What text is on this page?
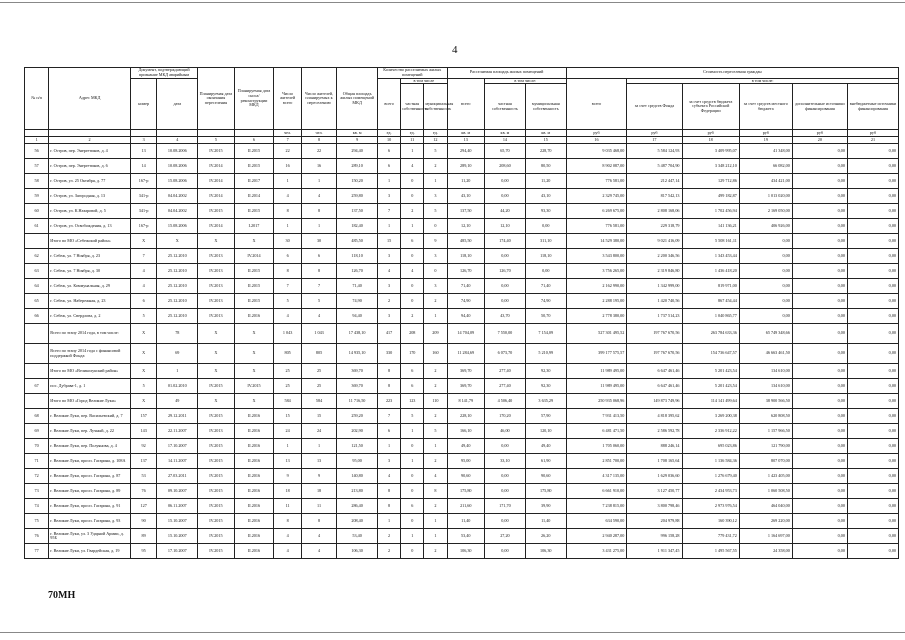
4
№ п/п	Адрес МКД	Документ, подтверждающий признание МКД аварийным		Планируемая дата окончания переселения	Планируемая дата сноса/ реконструкции МКД	Число жителей всего	Число жителей, планируемых к переселению	Общая площадь жилых помещений МКД	Количество расселяемых жилых помещений			Расселяемая площадь жилых помещений			Стоимость переселения граждан					
		номер	дата						всего	в том числе		всего	в том числе:		всего	в том числе:				
										частная собственность	муниципальная собственность		частная собственность	муниципальная собственность		за счет средств Фонда	за счет средств бюджета субъекта Российской Федерации	за счет средств местного бюджета	дополнительные источники финансирования	внебюджетные источники финансирования
						чел.	чел.	кв. м	ед.	ед.	ед.	кв. м	кв. м	кв. м	руб	руб	руб	руб	руб	руб
1	2	3	4	5	6	7	8	9	10	11	12	13	14	15	16	17	18	19	20	21
56	г. Остров, пер. Энергетиков, д. 4	13	10.08.2006	IV.2015	II.2015	22	22	294,40	6	1	5	294,40	65,70	228,70	9 035 468,00	5 584 124,93	3 409 995,07	41 348,00	0,00	0,00
57	г. Остров, пер. Энергетиков, д. 6	14	10.08.2006	IV.2014	II.2015	16	16	289,10	6	4	2	289,10	208,60	80,50	8 902 087,00	5 487 704,90	3 348 212,10	66 082,00	0,00	0,00
58	г. Остров, ул. 25 Октября, д. 77	167-р	15.08.2006	IV.2014	II.2017	1	1	150,20	1	0	1	11,20	0,00	11,20	776 581,00	212 447,14	129 712,86	434 421,00	0,00	0,00
59	г. Остров, ул. Загородная, д. 13	341-р	04.04.2002	IV.2014	II.2014	4	4	259,80	3	0	3	43,10	0,00	43,10	2 329 745,00	817 542,13	499 182,87	1 013 020,00	0,00	0,00
60	г. Остров, ул. К.Назаровой, д. 5	341-р	04.04.2002	IV.2015	II.2015	8	8	137,50	7	2	5	137,50	44,20	93,30	6 269 675,00	2 808 168,06	1 702 456,94	2 169 050,00	0,00	0,00
61	г. Остров, ул. Освобождения, д. 13	167-р	15.08.2006	IV.2014	I.2017	1	1	182,40	1	1	0	12,10	12,10	0,00	776 581,00	229 318,79	141 136,21	406 926,00	0,00	0,00
	Итого по МО «Себежский район»	X	X	X	X	30	30	485,50	15	6	9	485,50	174,40	311,10	14 529 380,00	9 021 416,09	5 508 161,11	0,00	0,00	0,00
62	г. Себеж, ул. 7 Ноября, д. 23	7	25.12.2010	IV.2013	IV.2014	6	6	118,10	3	0	3	118,10	0,00	118,10	3 543 800,00	2 200 346,56	1 343 453,44	0,00	0,00	0,00
63	г. Себеж, ул. 7 Ноября, д. 30	4	25.12.2010	IV.2013	II.2015	8	8	126,70	4	4	0	126,70	126,70	0,00	3 756 265,00	2 319 846,80	1 436 418,20	0,00	0,00	0,00
64	г. Себеж, ул. Коммунальная, д. 29	4	25.12.2010	IV.2013	II.2015	7	7	71,40	3	0	3	71,40	0,00	71,40	2 162 990,00	1 342 999,00	819 971,00	0,00	0,00	0,00
65	г. Себеж, ул. Набережная, д. 23	6	25.12.2010	IV.2013	II.2015	5	5	74,90	2	0	2	74,90	0,00	74,90	2 288 195,00	1 420 740,56	867 454,44	0,00	0,00	0,00
66	г. Себеж, ул. Свердлова, д. 2	5	25.12.2010	IV.2013	II.2016	4	4	94,40	3	2	1	94,40	43,70	50,70	2 778 380,00	1 737 514,23	1 040 865,77	0,00	0,00	0,00
	Всего по этапу 2014 года, в том числе:	X	78	X	X	1 043	1 043	17 438,10	417	208	209	14 704,09	7 550,00	7 154,09	527 301 495,52	197 767 670,56	263 784 633,36	65 749 348,66	0,00	0,00
	Всего по этапу 2014 года с финансовой поддержкой Фонда	X	69	X	X	805	805	14 935,10	330	170	160	11 284,69	6 073,70	5 210,99	399 177 575,57	197 767 670,56	154 736 647,57	46 663 461,50	0,00	0,00
	Итого по МО «Великолукский район»	X	1	X	X	25	25	369,70	8	6	2	369,70	277,40	92,30	11 989 495,00	6 647 461,46	5 201 423,54	134 610,00	0,00	0,00
67	пос. Дубрава-1, д. 1	5	01.02.2010	IV.2015	IV.2015	25	25	369,70	8	6	2	369,70	277,40	92,30	11 989 495,00	6 647 461,46	5 201 423,54	134 610,00	0,00	0,00
	Итого по МО «Город Великие Луки»	X	49	X	X	584	584	11 716,50	223	123	110	8 141,79	4 506,40	3 635,29	250 935 068,96	149 873 749,96	114 141 499,64	38 900 566,50	0,00	0,00
68	г. Великие Луки, пер. Васильевский, д. 7	157	29.12.2011	IV.2015	II.2016	15	15	259,20	7	5	2	228,10	170,20	57,90	7 931 413,50	4 818 395,62	3 269 200,38	620 808,50	0,00	0,00
69	г. Великие Луки, пер. Лучный, д. 22	143	22.11.2007	IV.2013	II.2016	24	24	202,90	6	1	5	166,10	46,00	120,10	6 481 471,50	2 586 592,78	2 336 912,22	1 157 966,50	0,00	0,00
70	г. Великие Луки, пер. Полуянова, д. 4	92	17.10.2007	IV.2015	II.2016	1	1	121,50	1	0	1	49,40	0,00	49,40	1 705 060,00	888 246,14	695 023,86	121 790,00	0,00	0,00
71	г. Великие Луки, просп. Гагарина, д. 108А	137	14.11.2007	IV.2015	II.2016	13	13	95,00	3	1	2	95,00	33,10	61,90	2 851 700,00	1 708 165,64	1 136 584,36	807 070,00	0,00	0,00
72	г. Великие Луки, просп. Гагарина, д. 87	53	27.03.2011	IV.2015	II.2016	9	9	140,80	4	0	4	90,60	0,00	90,60	4 317 135,00	1 629 036,60	1 276 679,40	1 423 405,00	0,00	0,00
73	г. Великие Луки, просп. Гагарина, д. 89	76	09.10.2007	IV.2015	II.2016	18	18	213,80	8	0	8	175,80	0,00	175,80	6 661 910,00	3 127 450,77	2 434 953,73	1 060 508,50	0,00	0,00
74	г. Великие Луки, просп. Гагарина, д. 91	127	06.11.2007	IV.2015	II.2016	11	11	286,40	8	6	2	211,60	171,70	39,90	7 238 815,00	3 800 798,46	2 973 976,54	464 040,00	0,00	0,00
75	г. Великие Луки, просп. Гагарина, д. 93	90	15.10.2007	IV.2015	II.2016	8	8	208,40	1	0	1	11,40	0,00	11,40	634 590,00	204 979,88	160 390,12	269 220,00	0,00	0,00
76	г. Великие Луки, ул. 3 Ударной Армии, д. 95Б	89	15.10.2007	IV.2015	II.2016	4	4	53,40	2	1	1	53,40	27,20	26,20	2 940 287,00	996 158,28	779 431,72	1 164 697,00	0,00	0,00
77	г. Великие Луки, ул. Гвардейская, д. 19	95	17.10.2007	IV.2015	II.2016	4	4	106,30	2	0	2	106,30	0,00	106,30	3 431 275,00	1 911 347,45	1 495 567,55	24 358,00	0,00	0,00
70МН
